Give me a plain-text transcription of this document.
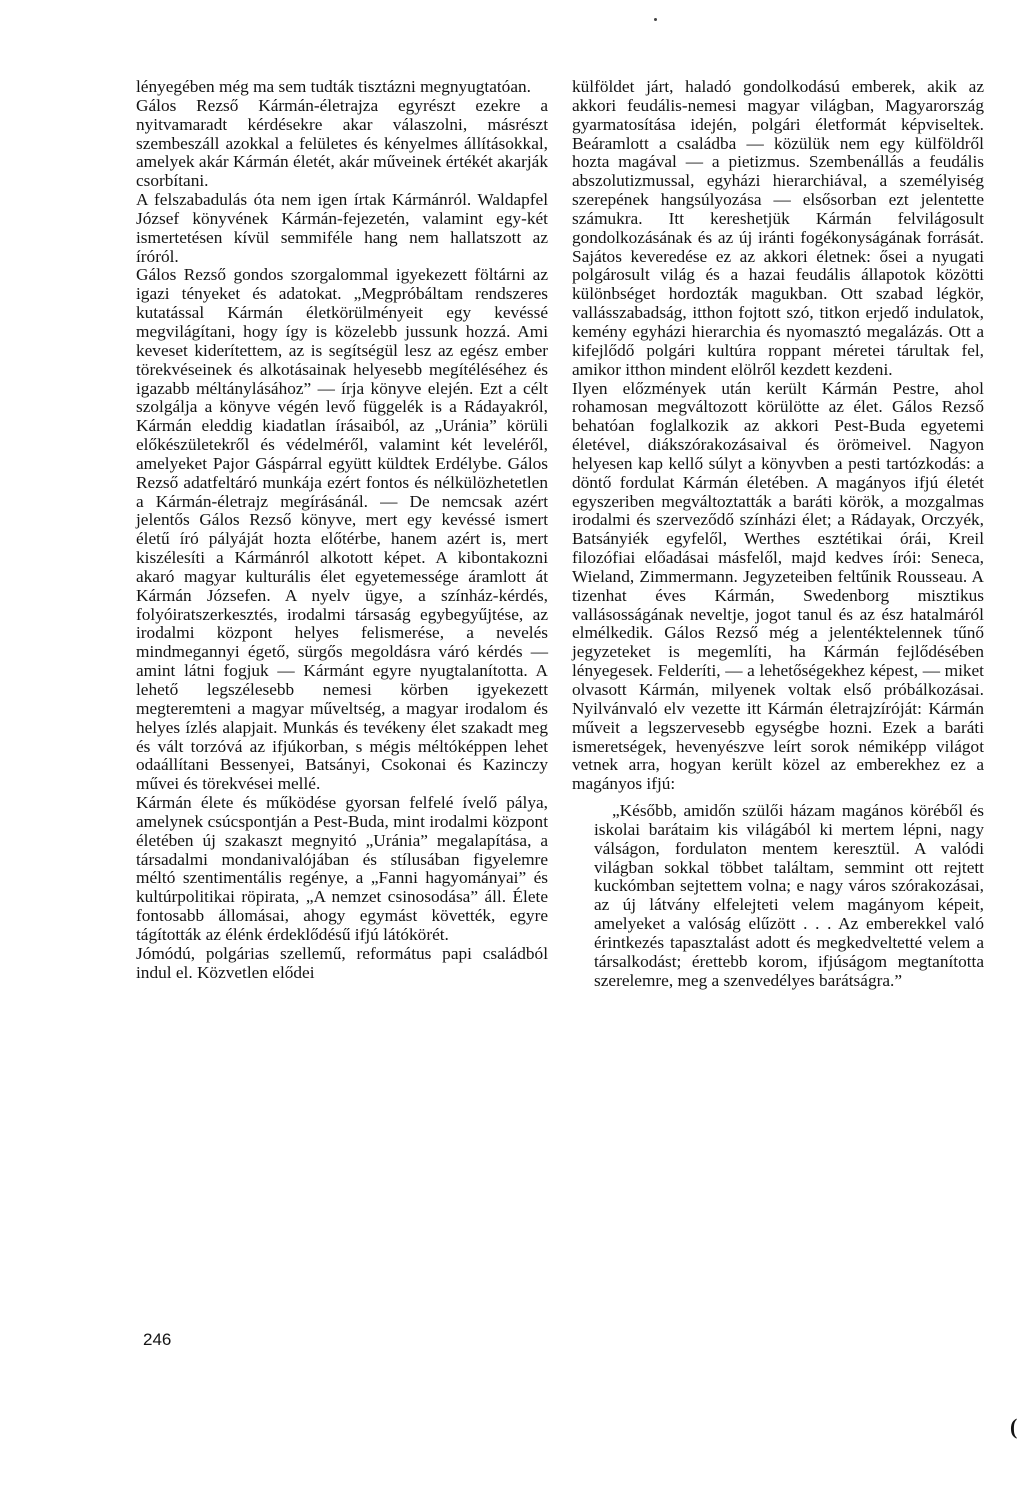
lényegében még ma sem tudták tisztázni megnyugtatóan.

Gálos Rezső Kármán-életrajza egyrészt ezekre a nyitvamaradt kérdésekre akar válaszolni, másrészt szembeszáll azokkal a felületes és kényelmes állításokkal, amelyek akár Kármán életét, akár műveinek értékét akarják csorbítani.

A felszabadulás óta nem igen írtak Kármánról. Waldapfel József könyvének Kármán-fejezetén, valamint egy-két ismertetésen kívül semmiféle hang nem hallatszott az íróról.

Gálos Rezső gondos szorgalommal igyekezett föltárni az igazi tényeket és adatokat. „Megpróbáltam rendszeres kutatással Kármán életkörülményeit egy kevéssé megvilágítani, hogy így is közelebb jussunk hozzá. Ami keveset kiderítettem, az is segítségül lesz az egész ember törekvéseinek és alkotásainak helyesebb megítéléséhez és igazabb méltánylásához” — írja könyve elején. Ezt a célt szolgálja a könyve végén levő függelék is a Rádayakról, Kármán eleddig kiadatlan írásaiból, az „Uránia” körüli előkészületekről és védelméről, valamint két leveléről, amelyeket Pajor Gáspárral együtt küldtek Erdélybe. Gálos Rezső adatfeltáró munkája ezért fontos és nélkülözhetetlen a Kármán-életrajz megírásánál. — De nemcsak azért jelentős Gálos Rezső könyve, mert egy kevéssé ismert életű író pályáját hozta előtérbe, hanem azért is, mert kiszélesíti a Kármánról alkotott képet. A kibontakozni akaró magyar kulturális élet egyetemessége áramlott át Kármán Józsefen. A nyelv ügye, a színház-kérdés, folyóiratszerkesztés, irodalmi társaság egybegyűjtése, az irodalmi központ helyes felismerése, a nevelés mindmegannyi égető, sürgős megoldásra váró kérdés — amint látni fogjuk — Kármánt egyre nyugtalanította. A lehető legszélesebb nemesi körben igyekezett megteremteni a magyar műveltség, a magyar irodalom és helyes ízlés alapjait. Munkás és tevékeny élet szakadt meg és vált torzóvá az ifjúkorban, s mégis méltóképpen lehet odaállítani Bessenyei, Batsányi, Csokonai és Kazinczy művei és törekvései mellé.

Kármán élete és működése gyorsan felfelé ívelő pálya, amelynek csúcspontján a Pest-Buda, mint irodalmi központ életében új szakaszt megnyitó „Uránia” megalapítása, a társadalmi mondanivalójában és stílusában figyelemre méltó szentimentális regénye, a „Fanni hagyományai” és kultúrpolitikai röpirata, „A nemzet csinosodása” áll. Élete fontosabb állomásai, ahogy egymást követték, egyre tágították az élénk érdeklődésű ifjú látókörét.

Jómódú, polgárias szellemű, református papi családból indul el. Közvetlen elődei

külföldet járt, haladó gondolkodású emberek, akik az akkori feudális-nemesi magyar világban, Magyarország gyarmatosítása idején, polgári életformát képviseltek. Beáramlott a családba — közülük nem egy külföldről hozta magával — a pietizmus. Szembenállás a feudális abszolutizmussal, egyházi hierarchiával, a személyiség szerepének hangsúlyozása — elsősorban ezt jelentette számukra. Itt kereshetjük Kármán felvilágosult gondolkozásának és az új iránti fogékonyságának forrását. Sajátos keveredése ez az akkori életnek: ősei a nyugati polgárosult világ és a hazai feudális állapotok közötti különbséget hordozták magukban. Ott szabad légkör, vallásszabadság, itthon fojtott szó, titkon erjedő indulatok, kemény egyházi hierarchia és nyomasztó megalázás. Ott a kifejlődő polgári kultúra roppant méretei tárultak fel, amikor itthon mindent elölről kezdett kezdeni.

Ilyen előzmények után került Kármán Pestre, ahol rohamosan megváltozott körülötte az élet. Gálos Rezső behatóan foglalkozik az akkori Pest-Buda egyetemi életével, diákszórakozásaival és örömeivel. Nagyon helyesen kap kellő súlyt a könyvben a pesti tartózkodás: a döntő fordulat Kármán életében. A magányos ifjú életét egyszeriben megváltoztatták a baráti körök, a mozgalmas irodalmi és szerveződő színházi élet; a Rádayak, Orczyék, Batsányiék egyfelől, Werthes esztétikai órái, Kreil filozófiai előadásai másfelől, majd kedves írói: Seneca, Wieland, Zimmermann. Jegyzeteiben feltűnik Rousseau. A tizenhat éves Kármán, Swedenborg misztikus vallásosságának neveltje, jogot tanul és az ész hatalmáról elmélkedik. Gálos Rezső még a jelentéktelennek tűnő jegyzeteket is megemlíti, ha Kármán fejlődésében lényegesek. Felderíti, — a lehetőségekhez képest, — miket olvasott Kármán, milyenek voltak első próbálkozásai. Nyilvánvaló elv vezette itt Kármán életrajzíróját: Kármán műveit a legszervesebb egységbe hozni. Ezek a baráti ismeretségek, hevenyészve leírt sorok némiképp világot vetnek arra, hogyan került közel az emberekhez ez a magányos ifjú:

„Később, amidőn szülői házam magános köréből és iskolai barátaim kis világából ki mertem lépni, nagy válságon, fordulaton mentem keresztül. A valódi világban sokkal többet találtam, semmint ott rejtett kuckómban sejtettem volna; e nagy város szórakozásai, az új látvány elfelejteti velem magányom képeit, amelyeket a valóság elűzött . . . Az emberekkel való érintkezés tapasztalást adott és megkedveltetté velem a társalkodást; érettebb korom, ifjúságom megtanította szerelemre, meg a szenvedélyes barátságra.”

246
(
